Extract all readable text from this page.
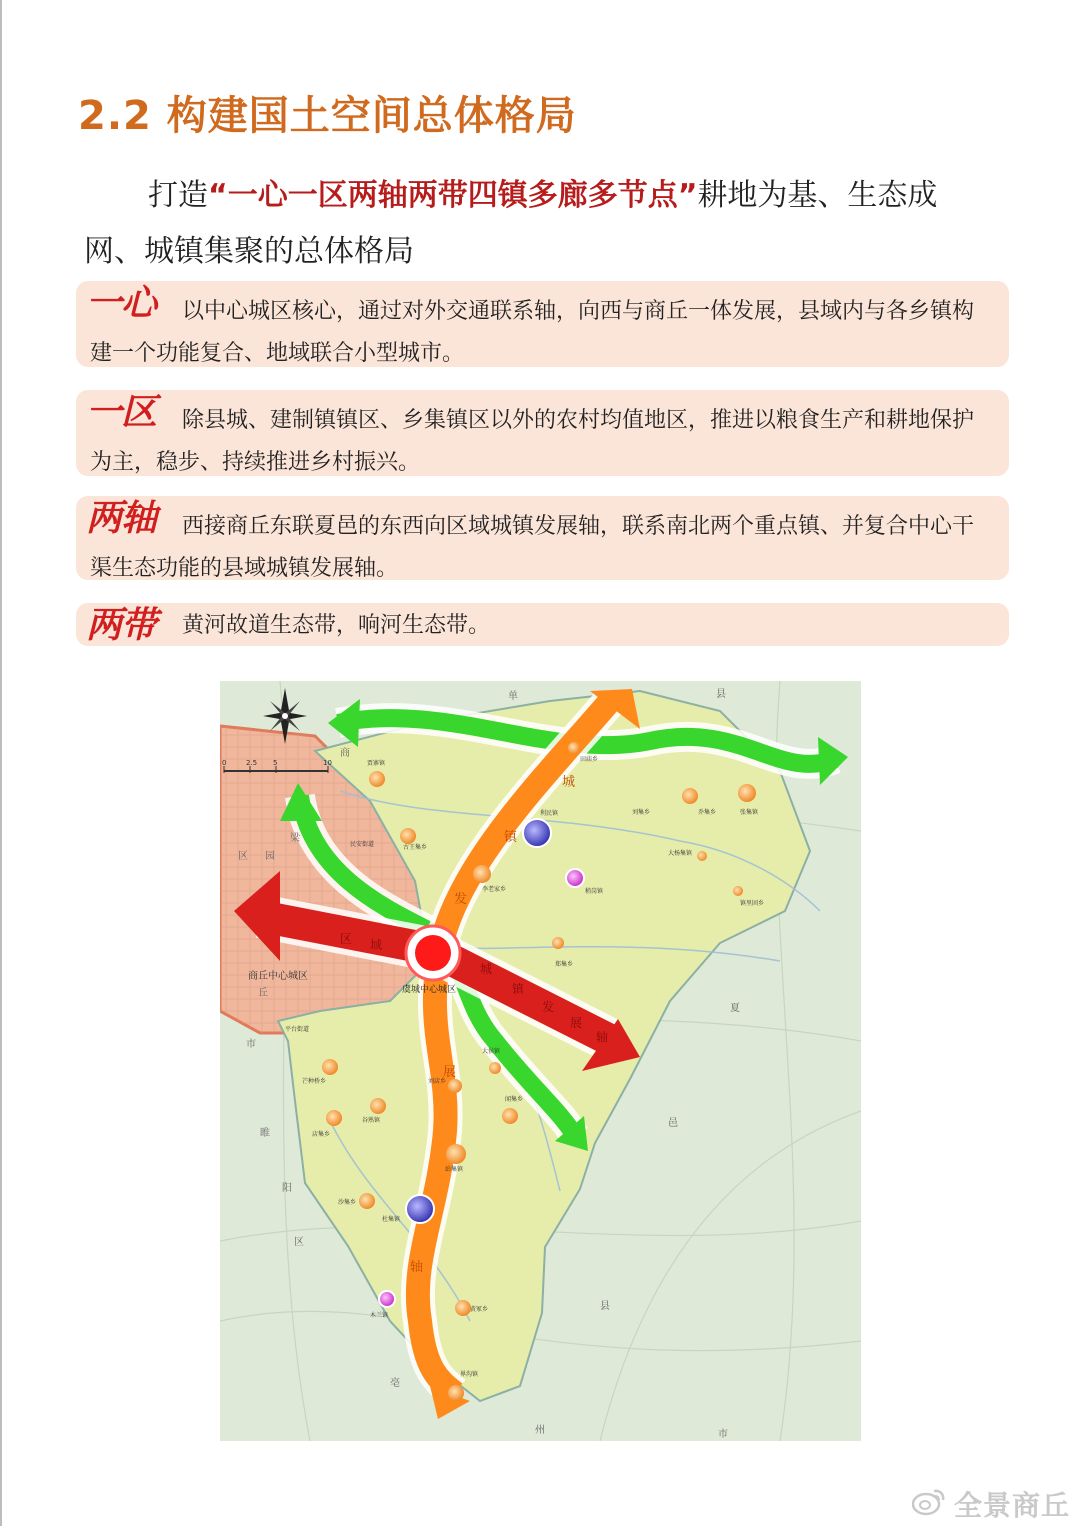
2.2 构建国土空间总体格局
打造“一心一区两轴两带四镇多廊多节点”耕地为基、生态成网、城镇集聚的总体格局
一心	以中心城区核心，通过对外交通联系轴，向西与商丘一体发展，县域内与各乡镇构建一个功能复合、地域联合小型城市。
一区	除县城、建制镇镇区、乡集镇区以外的农村均值地区，推进以粮食生产和耕地保护为主，稳步、持续推进乡村振兴。
两轴	西接商丘东联夏邑的东西向区域城镇发展轴，联系南北两个重点镇、并复合中心干渠生态功能的县域城镇发展轴。
两带	黄河故道生态带，响河生态带。
0	2.5 5	10
城
镇
发
展
轴
区 域
城
镇
发
展
轴
虞城中心城区
商丘中心城区
单	县
夏
邑
县
商
丘
市
睢
阳
区
梁
园
区
亳
州	市
贾寨镇
利民镇
田庙乡
刘集乡	乔集乡	张集镇
民安街道	古王集乡
李老家乡	稍岗镇
大杨集镇
镇里固乡
郑集乡
平台街道
大侯镇
芒种桥乡	刘店乡
闻集乡
谷熟镇
店集乡
站集镇
沙集乡
杜集镇
木兰镇
黄冢乡
界沟镇
全景商丘
